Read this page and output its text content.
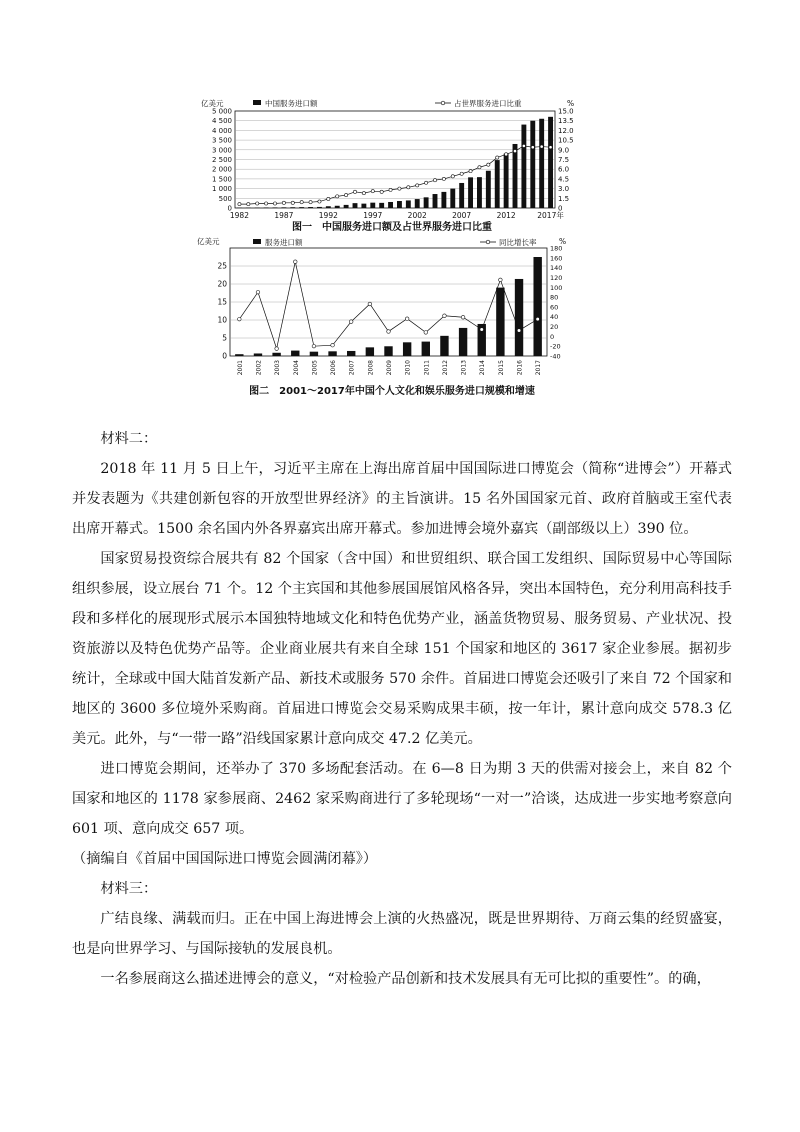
亿美元	%
中国服务进口额	占世界服务进口比重
0
500
1 000
1 500
2 000
2 500
3 000
3 500
4 000
4 500
5 000
0
1.5
3.0
4.5
6.0
7.5
9.0
10.5
12.0
13.5
15.0
1982	1987	1992	1997	2002	2007	2012	2017年
图一　中国服务进口额及占世界服务进口比重
亿美元	%
服务进口额	同比增长率
0
5
10
15
20
25
-40
-20
0
20
40
60
80
100
120
140
160
180
2001 2002 2003 2004 2005 2006 2007 2008 2009 2010 2011 2012 2013 2014 2015 2016 2017
图二　2001～2017年中国个人文化和娱乐服务进口规模和增速

材料二：

2018 年 11 月 5 日上午，习近平主席在上海出席首届中国国际进口博览会（简称“进博会”）开幕式并发表题为《共建创新包容的开放型世界经济》的主旨演讲。15 名外国国家元首、政府首脑或王室代表出席开幕式。1500 余名国内外各界嘉宾出席开幕式。参加进博会境外嘉宾（副部级以上）390 位。

国家贸易投资综合展共有 82 个国家（含中国）和世贸组织、联合国工发组织、国际贸易中心等国际组织参展，设立展台 71 个。12 个主宾国和其他参展国展馆风格各异，突出本国特色，充分利用高科技手段和多样化的展现形式展示本国独特地域文化和特色优势产业，涵盖货物贸易、服务贸易、产业状况、投资旅游以及特色优势产品等。企业商业展共有来自全球 151 个国家和地区的 3617 家企业参展。据初步统计，全球或中国大陆首发新产品、新技术或服务 570 余件。首届进口博览会还吸引了来自 72 个国家和地区的 3600 多位境外采购商。首届进口博览会交易采购成果丰硕，按一年计，累计意向成交 578.3 亿美元。此外，与“一带一路”沿线国家累计意向成交 47.2 亿美元。

进口博览会期间，还举办了 370 多场配套活动。在 6—8 日为期 3 天的供需对接会上，来自 82 个国家和地区的 1178 家参展商、2462 家采购商进行了多轮现场“一对一”洽谈，达成进一步实地考察意向 601 项、意向成交 657 项。

（摘编自《首届中国国际进口博览会圆满闭幕》）

材料三：

广结良缘、满载而归。正在中国上海进博会上演的火热盛况，既是世界期待、万商云集的经贸盛宴，也是向世界学习、与国际接轨的发展良机。

一名参展商这么描述进博会的意义，“对检验产品创新和技术发展具有无可比拟的重要性”。的确，
